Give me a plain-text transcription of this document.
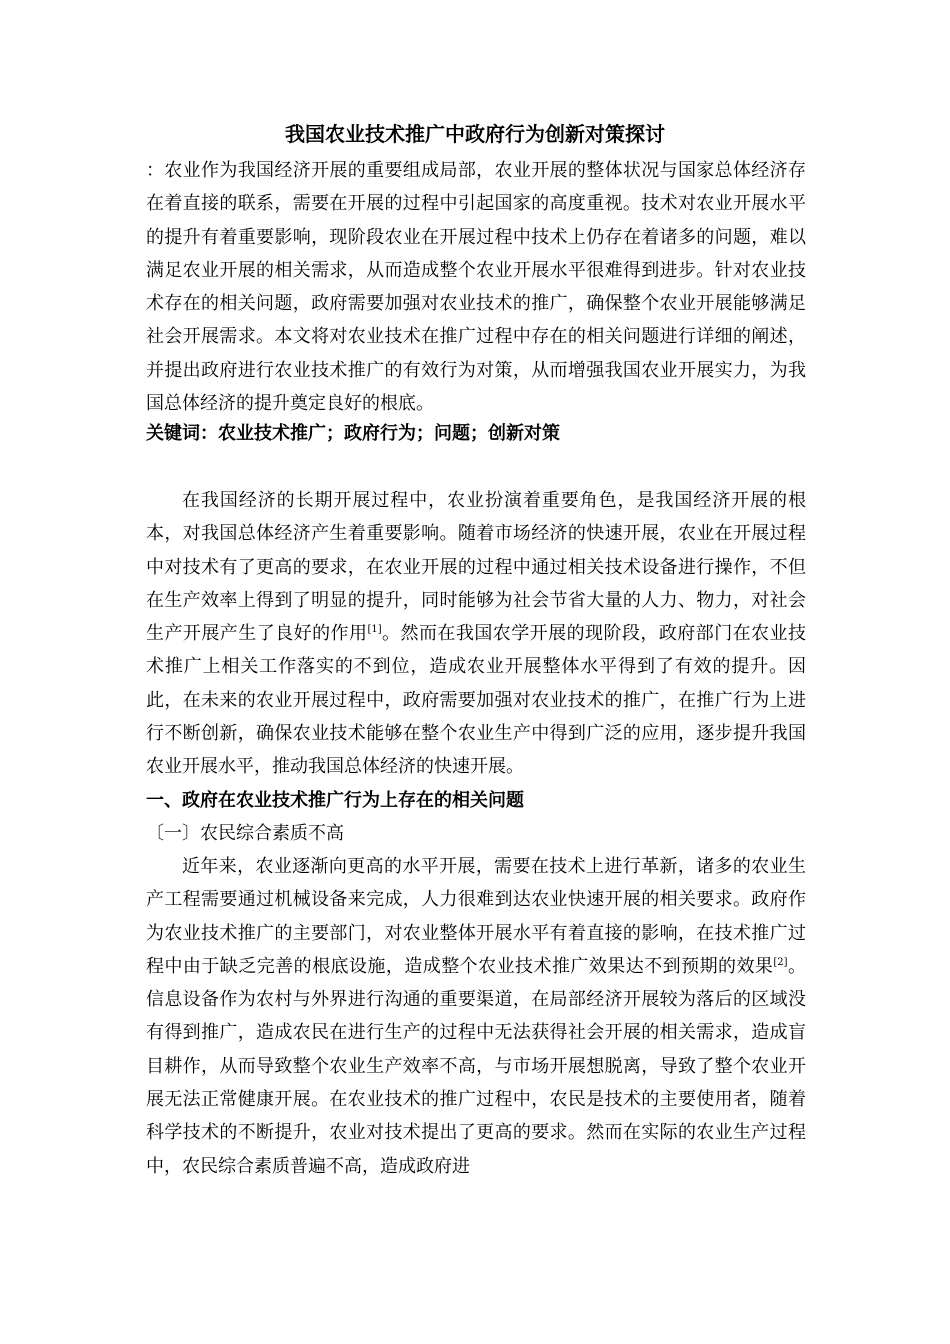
我国农业技术推广中政府行为创新对策探讨
：农业作为我国经济开展的重要组成局部，农业开展的整体状况与国家总体经济存在着直接的联系，需要在开展的过程中引起国家的高度重视。技术对农业开展水平的提升有着重要影响，现阶段农业在开展过程中技术上仍存在着诸多的问题，难以满足农业开展的相关需求，从而造成整个农业开展水平很难得到进步。针对农业技术存在的相关问题，政府需要加强对农业技术的推广，确保整个农业开展能够满足社会开展需求。本文将对农业技术在推广过程中存在的相关问题进行详细的阐述，并提出政府进行农业技术推广的有效行为对策，从而增强我国农业开展实力，为我国总体经济的提升奠定良好的根底。
关键词：农业技术推广；政府行为；问题；创新对策
在我国经济的长期开展过程中，农业扮演着重要角色，是我国经济开展的根本，对我国总体经济产生着重要影响。随着市场经济的快速开展，农业在开展过程中对技术有了更高的要求，在农业开展的过程中通过相关技术设备进行操作，不但在生产效率上得到了明显的提升，同时能够为社会节省大量的人力、物力，对社会生产开展产生了良好的作用[1]。然而在我国农学开展的现阶段，政府部门在农业技术推广上相关工作落实的不到位，造成农业开展整体水平得到了有效的提升。因此，在未来的农业开展过程中，政府需要加强对农业技术的推广，在推广行为上进行不断创新，确保农业技术能够在整个农业生产中得到广泛的应用，逐步提升我国农业开展水平，推动我国总体经济的快速开展。
一、政府在农业技术推广行为上存在的相关问题
〔一〕农民综合素质不高
近年来，农业逐渐向更高的水平开展，需要在技术上进行革新，诸多的农业生产工程需要通过机械设备来完成，人力很难到达农业快速开展的相关要求。政府作为农业技术推广的主要部门，对农业整体开展水平有着直接的影响，在技术推广过程中由于缺乏完善的根底设施，造成整个农业技术推广效果达不到预期的效果[2]。信息设备作为农村与外界进行沟通的重要渠道，在局部经济开展较为落后的区域没有得到推广，造成农民在进行生产的过程中无法获得社会开展的相关需求，造成盲目耕作，从而导致整个农业生产效率不高，与市场开展想脱离，导致了整个农业开展无法正常健康开展。在农业技术的推广过程中，农民是技术的主要使用者，随着科学技术的不断提升，农业对技术提出了更高的要求。然而在实际的农业生产过程中，农民综合素质普遍不高，造成政府进
